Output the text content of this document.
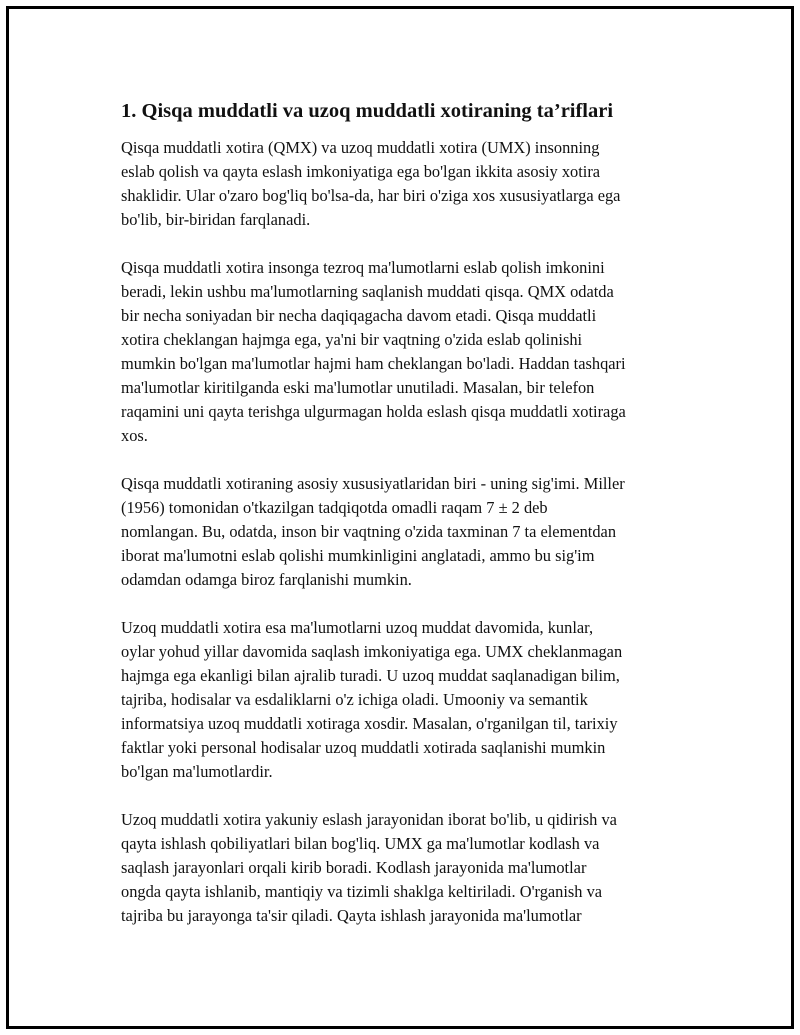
1. Qisqa muddatli va uzoq muddatli xotiraning ta’riflari

Qisqa muddatli xotira (QMX) va uzoq muddatli xotira (UMX) insonning
eslab qolish va qayta eslash imkoniyatiga ega bo'lgan ikkita asosiy xotira
shaklidir. Ular o'zaro bog'liq bo'lsa-da, har biri o'ziga xos xususiyatlarga ega
bo'lib, bir-biridan farqlanadi.

Qisqa muddatli xotira insonga tezroq ma'lumotlarni eslab qolish imkonini
beradi, lekin ushbu ma'lumotlarning saqlanish muddati qisqa. QMX odatda
bir necha soniyadan bir necha daqiqagacha davom etadi. Qisqa muddatli
xotira cheklangan hajmga ega, ya'ni bir vaqtning o'zida eslab qolinishi
mumkin bo'lgan ma'lumotlar hajmi ham cheklangan bo'ladi. Haddan tashqari
ma'lumotlar kiritilganda eski ma'lumotlar unutiladi. Masalan, bir telefon
raqamini uni qayta terishga ulgurmagan holda eslash qisqa muddatli xotiraga
xos.

Qisqa muddatli xotiraning asosiy xususiyatlaridan biri - uning sig'imi. Miller
(1956) tomonidan o'tkazilgan tadqiqotda omadli raqam 7 ± 2 deb
nomlangan. Bu, odatda, inson bir vaqtning o'zida taxminan 7 ta elementdan
iborat ma'lumotni eslab qolishi mumkinligini anglatadi, ammo bu sig'im
odamdan odamga biroz farqlanishi mumkin.

Uzoq muddatli xotira esa ma'lumotlarni uzoq muddat davomida, kunlar,
oylar yohud yillar davomida saqlash imkoniyatiga ega. UMX cheklanmagan
hajmga ega ekanligi bilan ajralib turadi. U uzoq muddat saqlanadigan bilim,
tajriba, hodisalar va esdaliklarni o'z ichiga oladi. Umooniy va semantik
informatsiya uzoq muddatli xotiraga xosdir. Masalan, o'rganilgan til, tarixiy
faktlar yoki personal hodisalar uzoq muddatli xotirada saqlanishi mumkin
bo'lgan ma'lumotlardir.

Uzoq muddatli xotira yakuniy eslash jarayonidan iborat bo'lib, u qidirish va
qayta ishlash qobiliyatlari bilan bog'liq. UMX ga ma'lumotlar kodlash va
saqlash jarayonlari orqali kirib boradi. Kodlash jarayonida ma'lumotlar
ongda qayta ishlanib, mantiqiy va tizimli shaklga keltiriladi. O'rganish va
tajriba bu jarayonga ta'sir qiladi. Qayta ishlash jarayonida ma'lumotlar
